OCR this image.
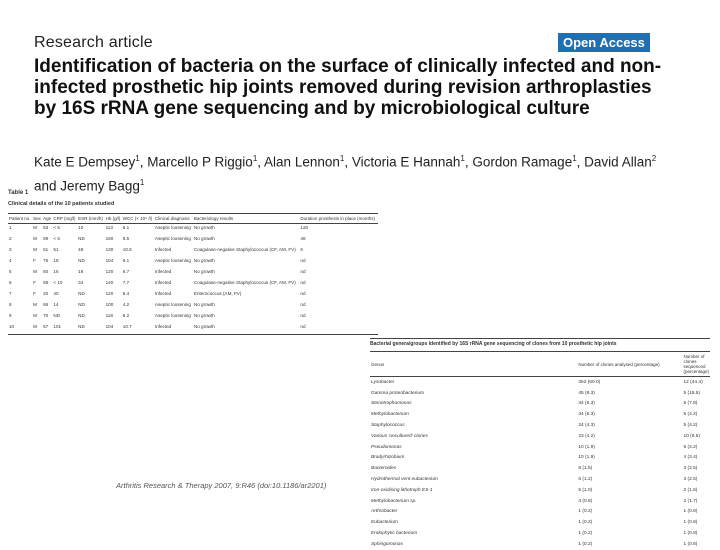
Research article	Open Access
Identification of bacteria on the surface of clinically infected and non-infected prosthetic hip joints removed during revision arthroplasties by 16S rRNA gene sequencing and by microbiological culture
Kate E Dempsey$^1$, Marcello P Riggio$^1$, Alan Lennon$^1$, Victoria E Hannah$^1$, Gordon Ramage$^1$, David Allan$^2$ and Jeremy Bagg$^1$
Table 1
Clinical details of the 10 patients studied
Patient no.	Sex	Age	CRP (mg/l)	ESR (mm/h)	Hb (g/l)	WCC (× 10⁹ /l)	Clinical diagnosis	Bacteriology results	Duration prosthesis in place (months)
1	M	53	< 5	10	113	6.1	Aseptic loosening	No growth	120
2	M	69	< 5	ND	150	6.5	Aseptic loosening	No growth	48
3	M	61	51	48	130	10.5	Infected	Coagulase-negative Staphylococcus (CF, AM, FV)	6
4	F	76	18	ND	104	6.1	Aseptic loosening	No growth	nd
5	M	50	16	18	120	6.7	Infected	No growth	nd
6	F	58	< 10	34	140	7.7	Infected	Coagulase-negative Staphylococcus (CF, AM, FV)	nd
7	F	20	40	ND	120	8.4	Infected	Enterococcus (AM, FV)	nd
8	M	66	14	ND	100	4.2	Aseptic loosening	No growth	nd
9	M	70	ND	ND	118	8.2	Aseptic loosening	No growth	nd
10	M	57	101	ND	104	10.7	Infected	No growth	nd
Arthritis Research & Therapy 2007, 9:R46 (doi:10.1186/ar2201)
Bacterial genera/groups identified by 16S rRNA gene sequencing of clones from 10 prosthetic hip joints
Genus	Number of clones analysed (percentage)	Number of clones sequenced (percentage)
Lysobacter	352 (60.0)	12 (44.4)
Gamma proteobacterium	45 (8.3)	5 (18.5)
Stenotrophomonas	34 (6.3)	5 (7.8)
Methylobacterium	34 (6.3)	5 (4.2)
Staphylococcus	24 (4.3)	5 (4.2)
Various 'uncultured' clones	23 (4.2)	10 (8.5)
Pseudomonas	10 (1.9)	5 (4.2)
Bradyrhizobium	10 (1.9)	4 (3.4)
Bacteroides	8 (1.5)	3 (2.5)
Hydrothermal vent eubacterium	6 (1.2)	3 (2.5)
Iron-oxidising lithotroph ES-1	5 (1.0)	2 (1.6)
Methylobacterium sp.	4 (0.8)	2 (1.7)
Arthrobacter	1 (0.2)	1 (0.8)
Eubacterium	1 (0.2)	1 (0.8)
Endophytic bacterium	1 (0.2)	1 (0.8)
Sphingomonas	1 (0.2)	1 (0.8)
